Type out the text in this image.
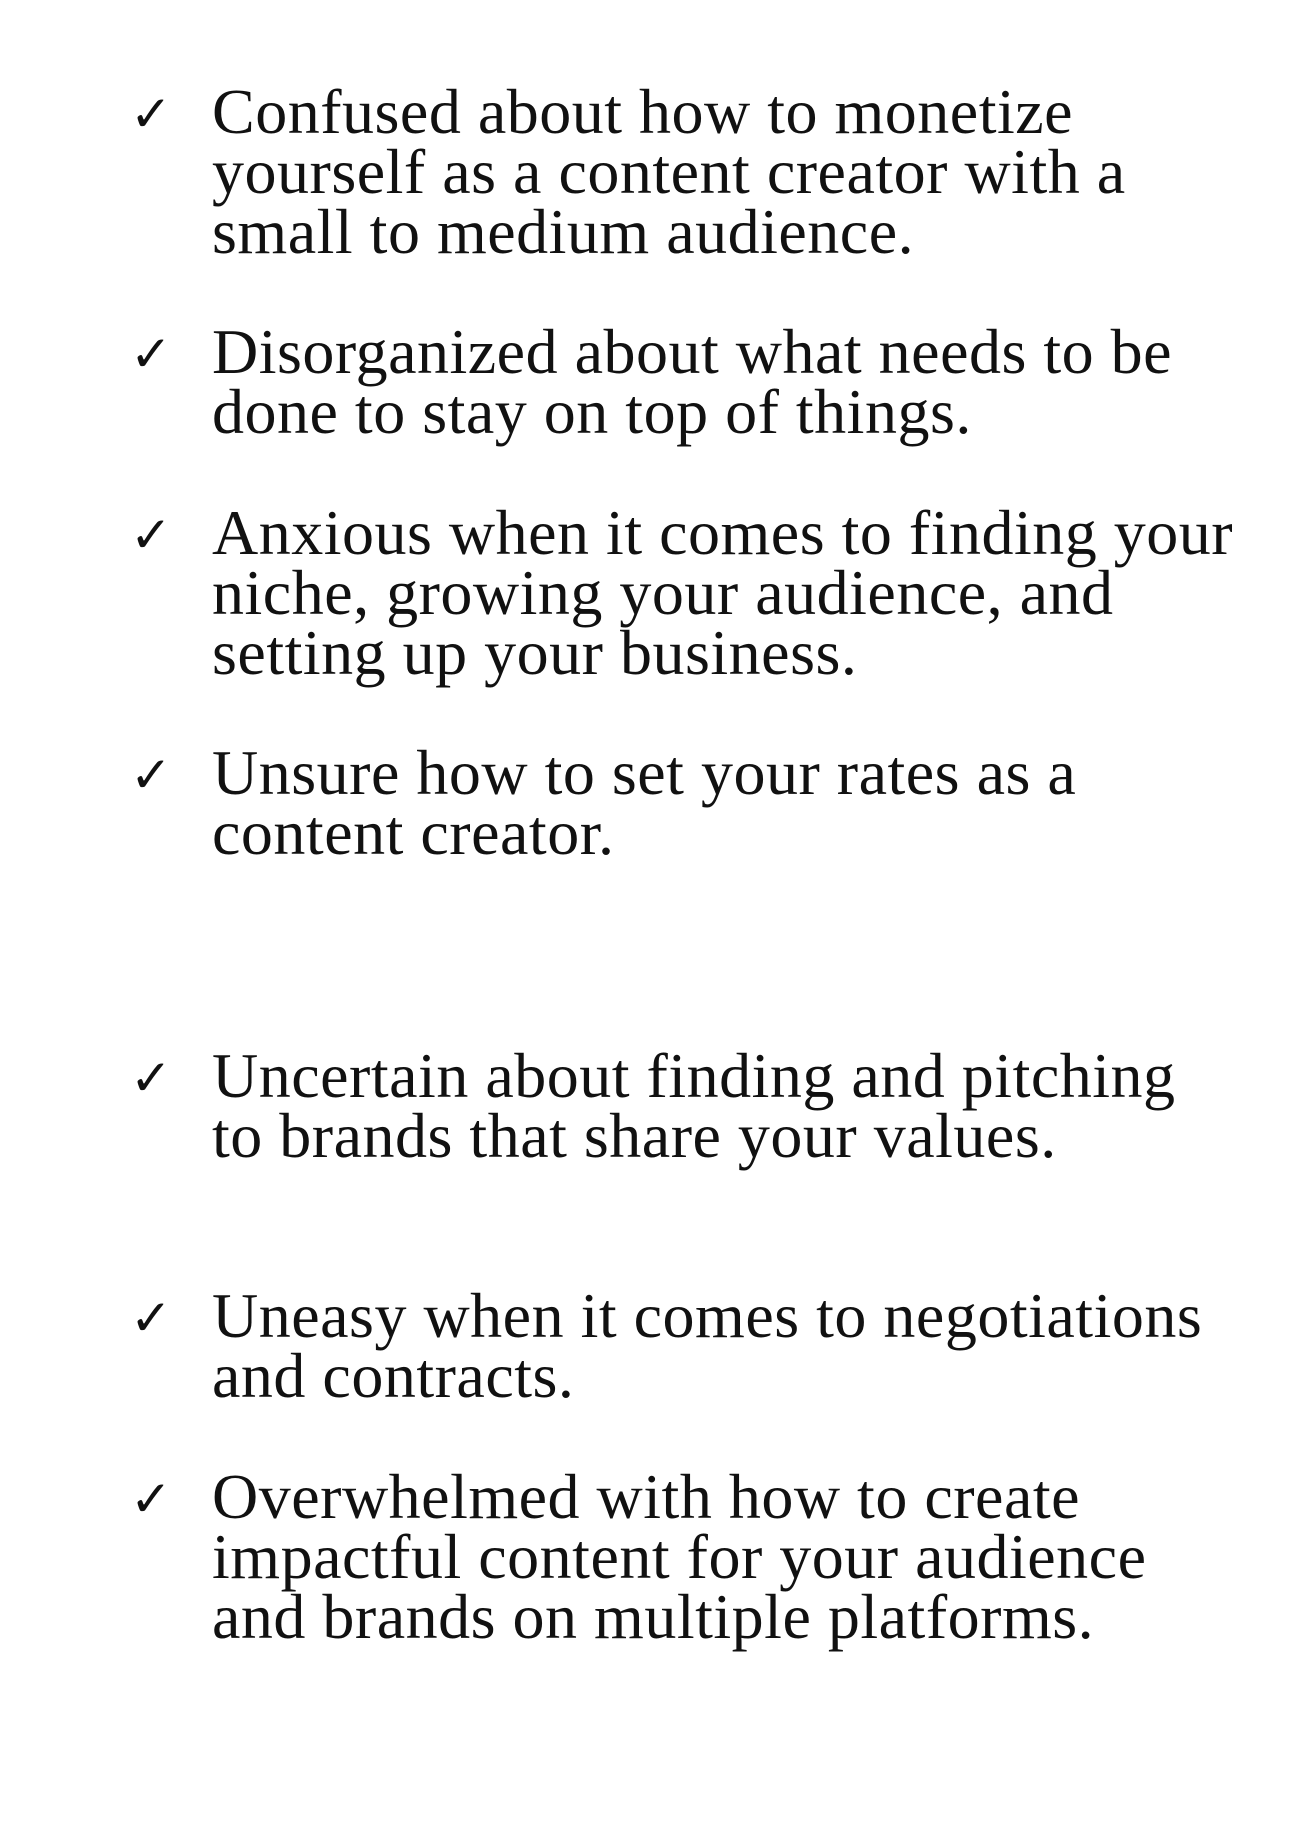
✓ Confused about how to monetize yourself as a content creator with a small to medium audience.
✓ Disorganized about what needs to be done to stay on top of things.
✓ Anxious when it comes to finding your niche, growing your audience, and setting up your business.
✓ Unsure how to set your rates as a content creator.
✓ Uncertain about finding and pitching to brands that share your values.
✓ Uneasy when it comes to negotiations and contracts.
✓ Overwhelmed with how to create impactful content for your audience and brands on multiple platforms.
